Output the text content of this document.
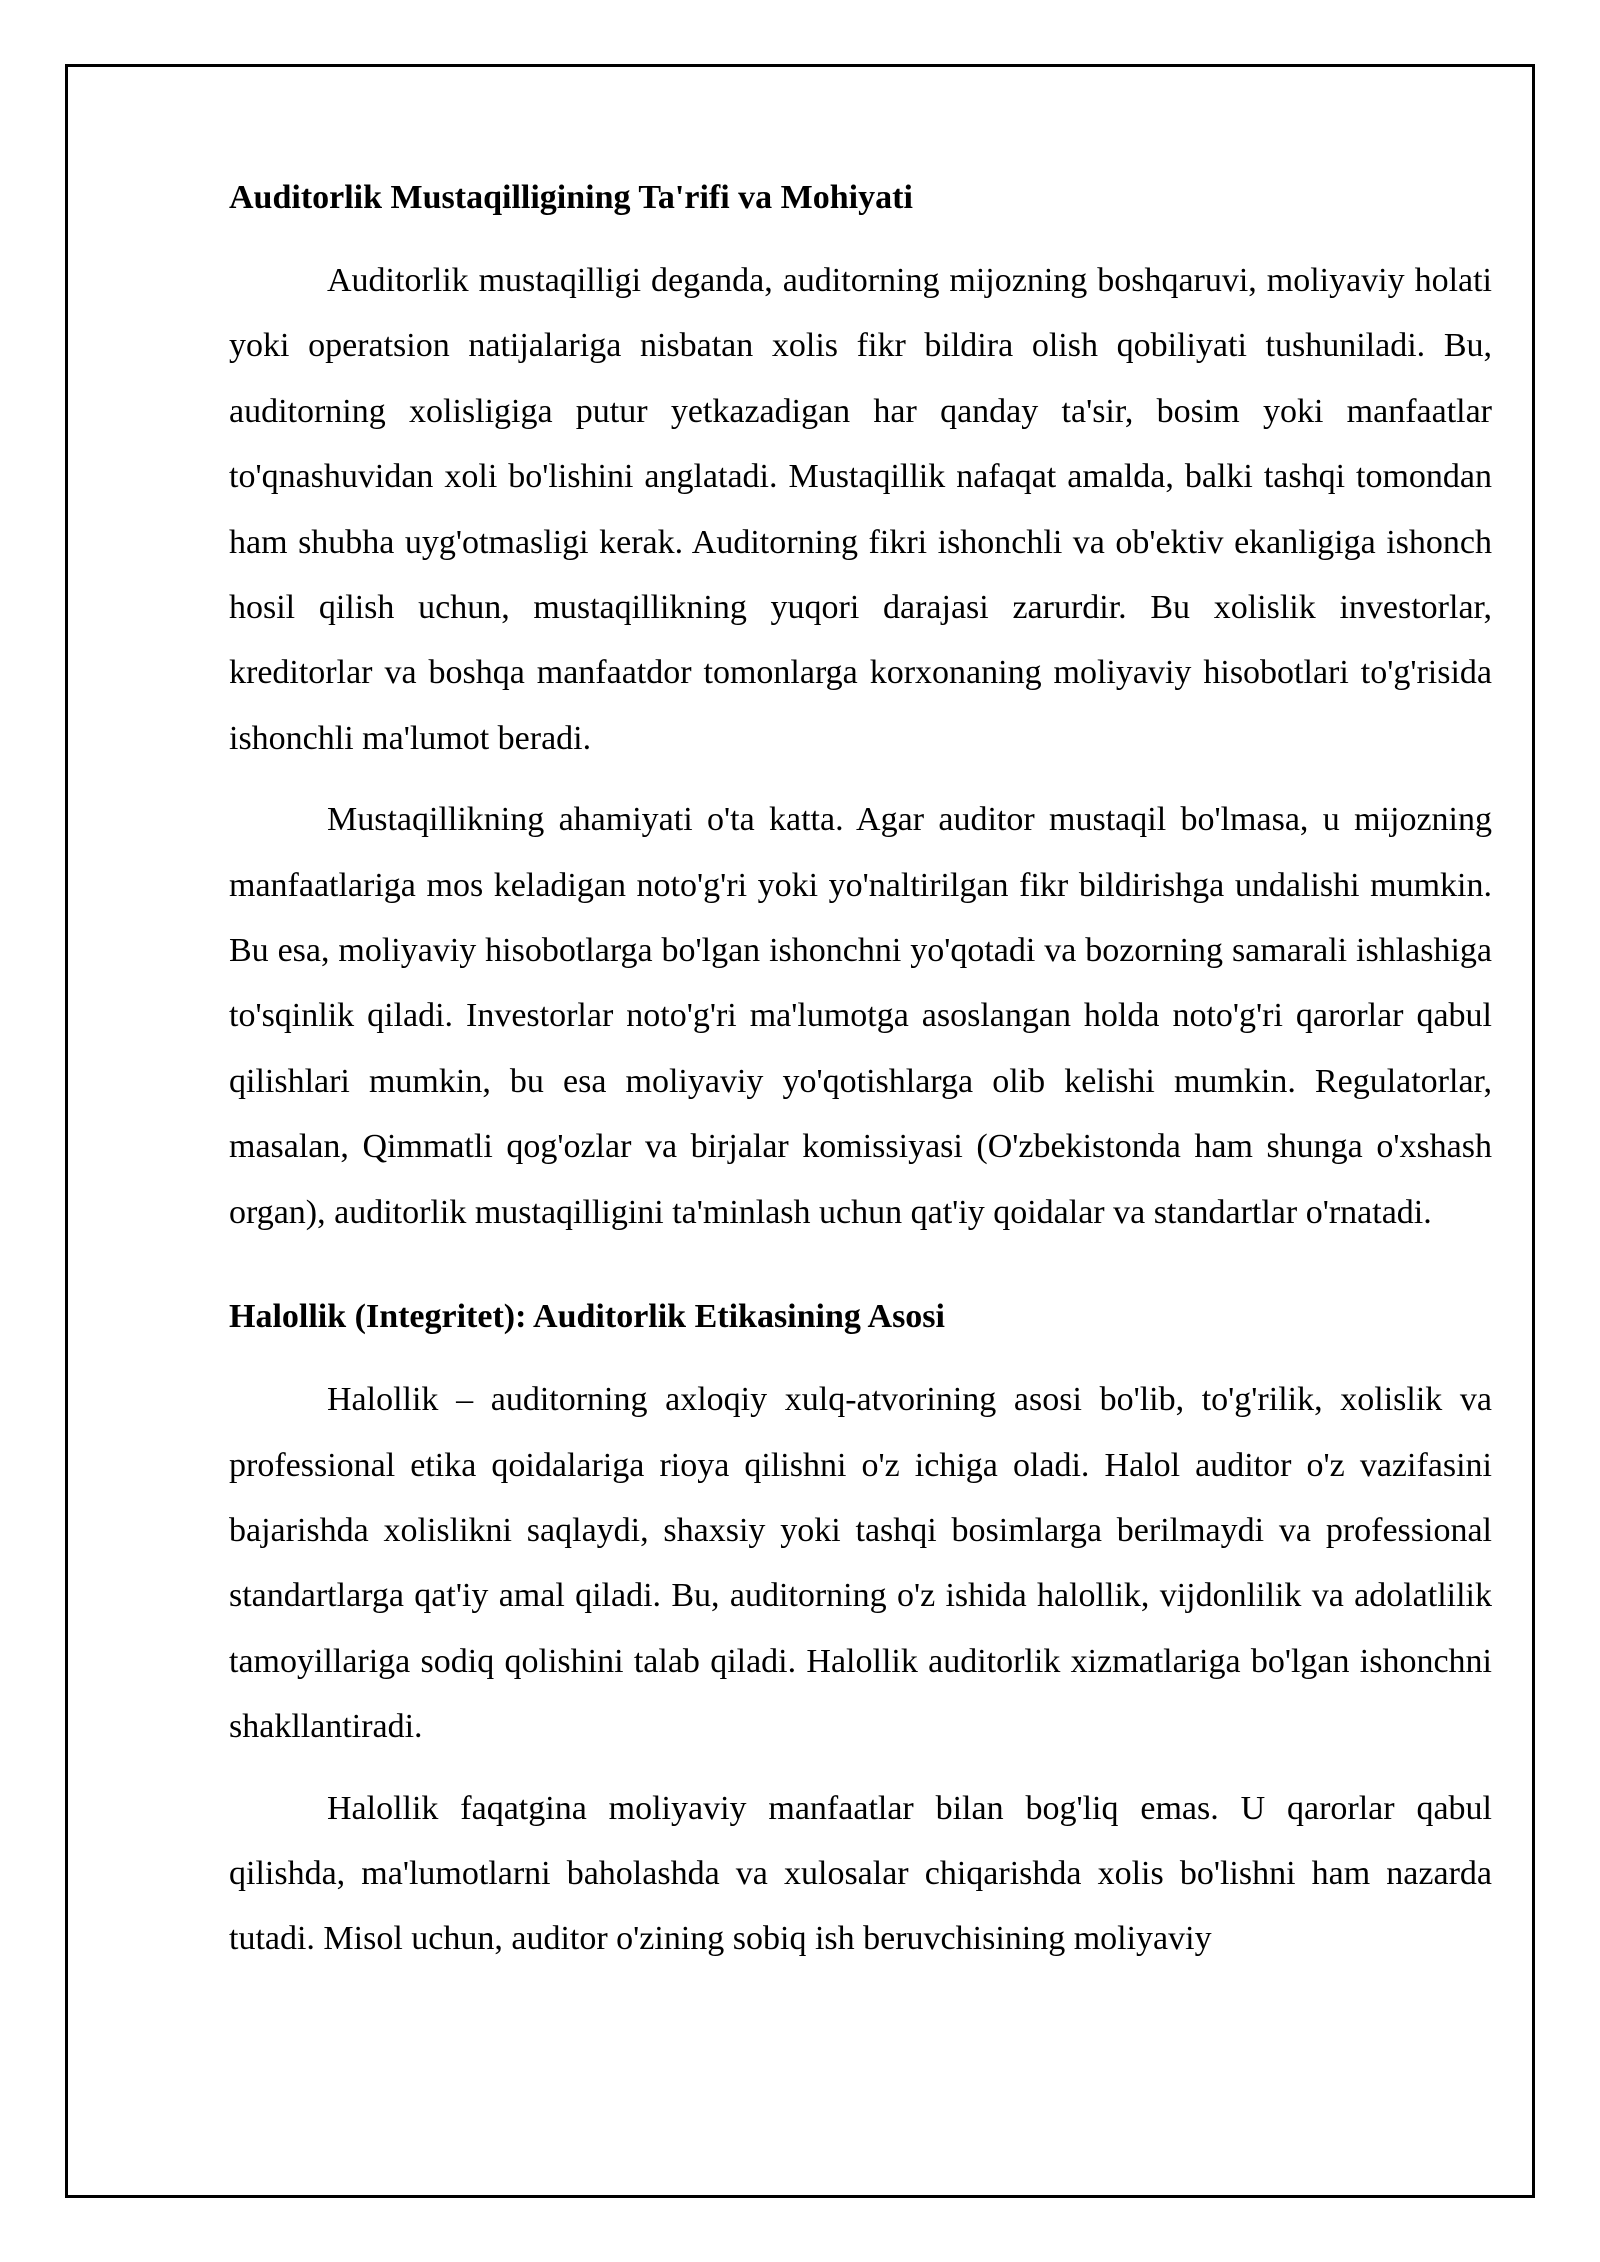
Auditorlik Mustaqilligining Ta'rifi va Mohiyati

Auditorlik mustaqilligi deganda, auditorning mijozning boshqaruvi, moliyaviy holati yoki operatsion natijalariga nisbatan xolis fikr bildira olish qobiliyati tushuniladi. Bu, auditorning xolisligiga putur yetkazadigan har qanday ta'sir, bosim yoki manfaatlar to'qnashuvidan xoli bo'lishini anglatadi. Mustaqillik nafaqat amalda, balki tashqi tomondan ham shubha uyg'otmasligi kerak. Auditorning fikri ishonchli va ob'ektiv ekanligiga ishonch hosil qilish uchun, mustaqillikning yuqori darajasi zarurdir. Bu xolislik investorlar, kreditorlar va boshqa manfaatdor tomonlarga korxonaning moliyaviy hisobotlari to'g'risida ishonchli ma'lumot beradi.

Mustaqillikning ahamiyati o'ta katta. Agar auditor mustaqil bo'lmasa, u mijozning manfaatlariga mos keladigan noto'g'ri yoki yo'naltirilgan fikr bildirishga undalishi mumkin. Bu esa, moliyaviy hisobotlarga bo'lgan ishonchni yo'qotadi va bozorning samarali ishlashiga to'sqinlik qiladi. Investorlar noto'g'ri ma'lumotga asoslangan holda noto'g'ri qarorlar qabul qilishlari mumkin, bu esa moliyaviy yo'qotishlarga olib kelishi mumkin. Regulatorlar, masalan, Qimmatli qog'ozlar va birjalar komissiyasi (O'zbekistonda ham shunga o'xshash organ), auditorlik mustaqilligini ta'minlash uchun qat'iy qoidalar va standartlar o'rnatadi.

Halollik (Integritet): Auditorlik Etikasining Asosi

Halollik – auditorning axloqiy xulq-atvorining asosi bo'lib, to'g'rilik, xolislik va professional etika qoidalariga rioya qilishni o'z ichiga oladi. Halol auditor o'z vazifasini bajarishda xolislikni saqlaydi, shaxsiy yoki tashqi bosimlarga berilmaydi va professional standartlarga qat'iy amal qiladi. Bu, auditorning o'z ishida halollik, vijdonlilik va adolatlilik tamoyillariga sodiq qolishini talab qiladi. Halollik auditorlik xizmatlariga bo'lgan ishonchni shakllantiradi.

Halollik faqatgina moliyaviy manfaatlar bilan bog'liq emas. U qarorlar qabul qilishda, ma'lumotlarni baholashda va xulosalar chiqarishda xolis bo'lishni ham nazarda tutadi. Misol uchun, auditor o'zining sobiq ish beruvchisining moliyaviy
